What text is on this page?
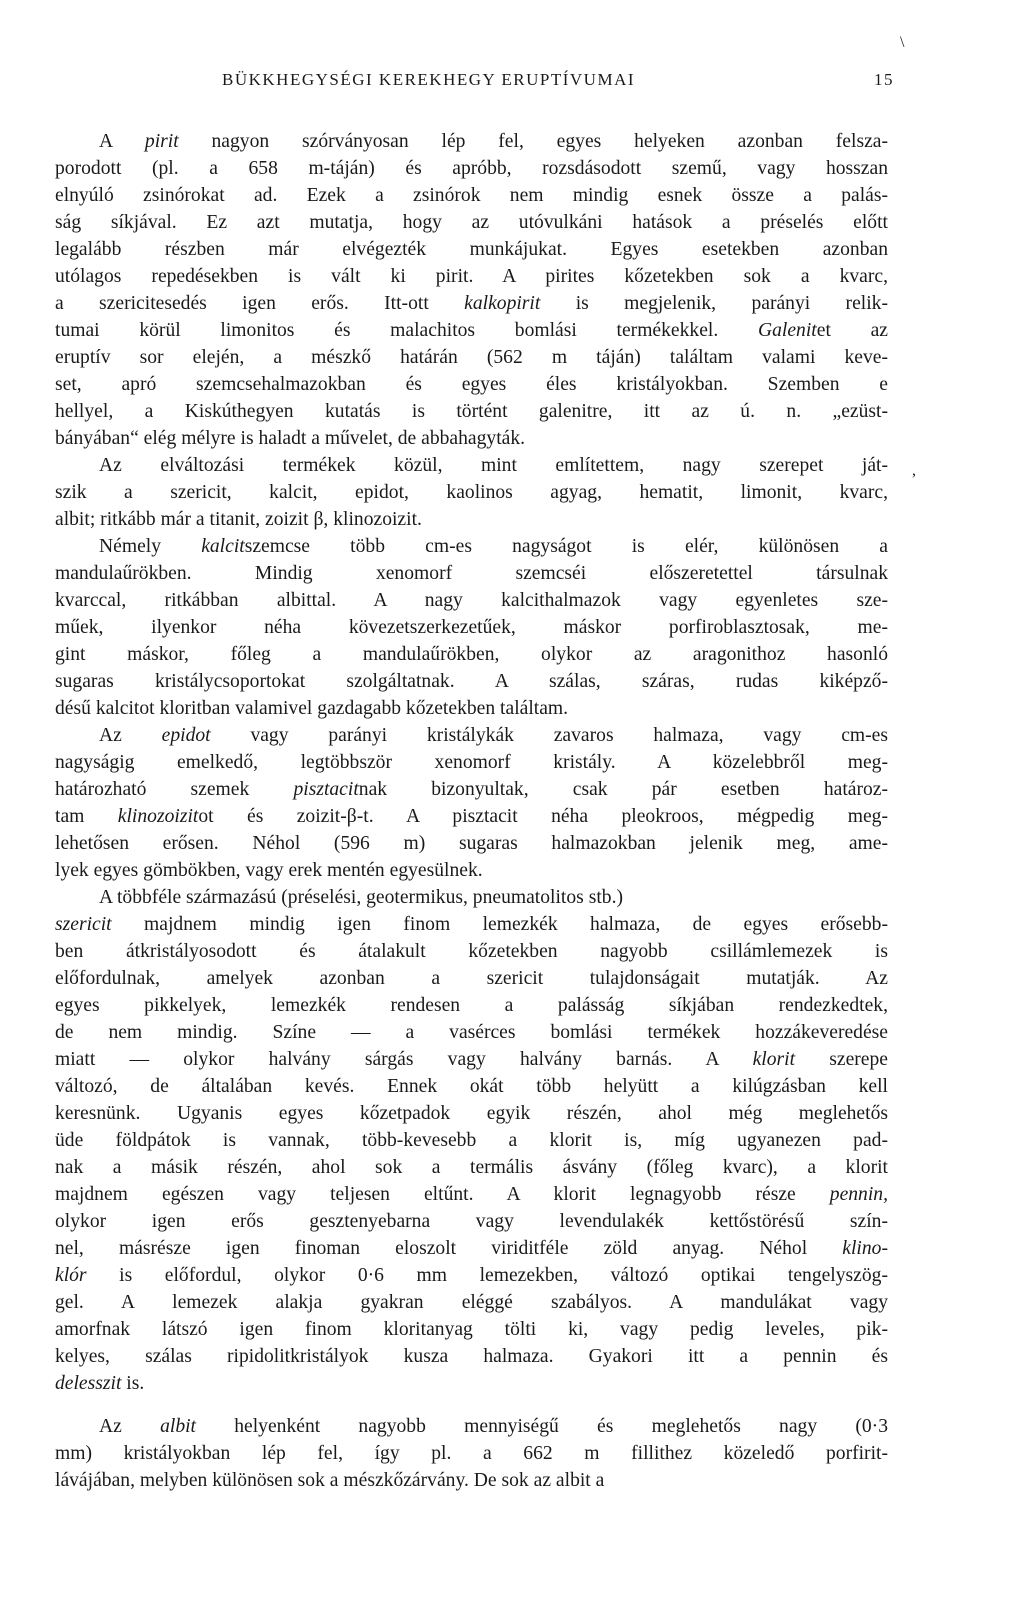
\
BÜKKHEGYSÉGI KEREKHEGY ERUPTÍVUMAI	15
,

A pirit nagyon szórványosan lép fel, egyes helyeken azonban felsza-
porodott (pl. a 658 m-táján) és apróbb, rozsdásodott szemű, vagy hosszan
elnyúló zsinórokat ad. Ezek a zsinórok nem mindig esnek össze a palás-
ság síkjával. Ez azt mutatja, hogy az utóvulkáni hatások a préselés előtt
legalább részben már elvégezték munkájukat. Egyes esetekben azonban
utólagos repedésekben is vált ki pirit. A pirites kőzetekben sok a kvarc,
a szericitesedés igen erős. Itt-ott kalkopirit is megjelenik, parányi relik-
tumai körül limonitos és malachitos bomlási termékekkel. Galenitet az
eruptív sor elején, a mészkő határán (562 m táján) találtam valami keve-
set, apró szemcsehalmazokban és egyes éles kristályokban. Szemben e
hellyel, a Kiskúthegyen kutatás is történt galenitre, itt az ú. n. „ezüst-
bányában“ elég mélyre is haladt a művelet, de abbahagyták.

Az elváltozási termékek közül, mint említettem, nagy szerepet ját-
szik a szericit, kalcit, epidot, kaolinos agyag, hematit, limonit, kvarc,
albit; ritkább már a titanit, zoizit β, klinozoizit.

Némely kalcitszemcse több cm-es nagyságot is elér, különösen a
mandulaűrökben. Mindig xenomorf szemcséi előszeretettel társulnak
kvarccal, ritkábban albittal. A nagy kalcithalmazok vagy egyenletes sze-
műek, ilyenkor néha kövezetszerkezetűek, máskor porfiroblasztosak, me-
gint máskor, főleg a mandulaűrökben, olykor az aragonithoz hasonló
sugaras kristálycsoportokat szolgáltatnak. A szálas, száras, rudas kiképző-
désű kalcitot kloritban valamivel gazdagabb kőzetekben találtam.

Az epidot vagy parányi kristálykák zavaros halmaza, vagy cm-es
nagyságig emelkedő, legtöbbször xenomorf kristály. A közelebbről meg-
határozható szemek pisztacitnak bizonyultak, csak pár esetben határoz-
tam klinozoizitot és zoizit-β-t. A pisztacit néha pleokroos, mégpedig meg-
lehetősen erősen. Néhol (596 m) sugaras halmazokban jelenik meg, ame-
lyek egyes gömbökben, vagy erek mentén egyesülnek.

A többféle származású (préselési, geotermikus, pneumatolitos stb.)

szericit majdnem mindig igen finom lemezkék halmaza, de egyes erősebb-
ben átkristályosodott és átalakult kőzetekben nagyobb csillámlemezek is
előfordulnak, amelyek azonban a szericit tulajdonságait mutatják. Az
egyes pikkelyek, lemezkék rendesen a palásság síkjában rendezkedtek,
de nem mindig. Színe — a vasérces bomlási termékek hozzákeveredése
miatt — olykor halvány sárgás vagy halvány barnás. A klorit szerepe
változó, de általában kevés. Ennek okát több helyütt a kilúgzásban kell
keresnünk. Ugyanis egyes kőzetpadok egyik részén, ahol még meglehetős
üde földpátok is vannak, több-kevesebb a klorit is, míg ugyanezen pad-
nak a másik részén, ahol sok a termális ásvány (főleg kvarc), a klorit
majdnem egészen vagy teljesen eltűnt. A klorit legnagyobb része pennin,
olykor igen erős gesztenyebarna vagy levendulakék kettőstörésű szín-
nel, másrésze igen finoman eloszolt viriditféle zöld anyag. Néhol klino-
klór is előfordul, olykor 0·6 mm lemezekben, változó optikai tengelyszög-
gel. A lemezek alakja gyakran eléggé szabályos. A mandulákat vagy
amorfnak látszó igen finom kloritanyag tölti ki, vagy pedig leveles, pik-
kelyes, szálas ripidolitkristályok kusza halmaza. Gyakori itt a pennin és
delesszit is.

Az albit helyenként nagyobb mennyiségű és meglehetős nagy (0·3
mm) kristályokban lép fel, így pl. a 662 m fillithez közeledő porfirit-
lávájában, melyben különösen sok a mészkőzárvány. De sok az albit a
